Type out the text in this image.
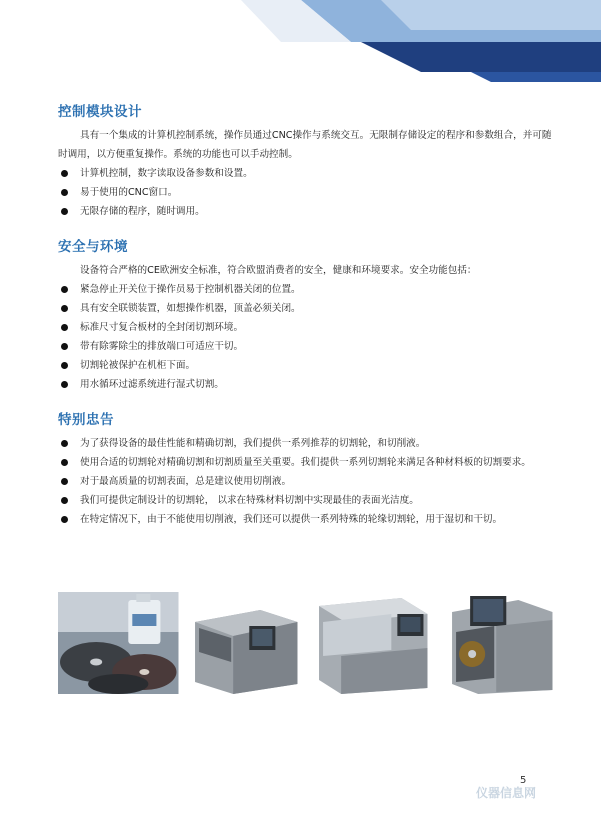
控制模块设计

具有一个集成的计算机控制系统，操作员通过CNC操作与系统交互。无限制存储设定的程序和参数组合，并可随时调用，以方便重复操作。系统的功能也可以手动控制。

计算机控制，数字读取设备参数和设置。
易于使用的CNC窗口。
无限存储的程序，随时调用。
安全与环境

设备符合严格的CE欧洲安全标准，符合欧盟消费者的安全，健康和环境要求。安全功能包括：

紧急停止开关位于操作员易于控制机器关闭的位置。
具有安全联锁装置，如想操作机器，顶盖必须关闭。
标准尺寸复合板材的全封闭切割环境。
带有除雾除尘的排放端口可适应干切。
切割轮被保护在机柜下面。
用水循环过滤系统进行湿式切割。
特别忠告
为了获得设备的最佳性能和精确切割，我们提供一系列推荐的切割轮，和切削液。
使用合适的切割轮对精确切割和切割质量至关重要。我们提供一系列切割轮来满足各种材料板的切割要求。
对于最高质量的切割表面，总是建议使用切削液。
我们可提供定制设计的切割轮， 以求在特殊材料切割中实现最佳的表面光洁度。
在特定情况下，由于不能使用切削液，我们还可以提供一系列特殊的轮缘切割轮，用于湿切和干切。
5
仪器信息网
